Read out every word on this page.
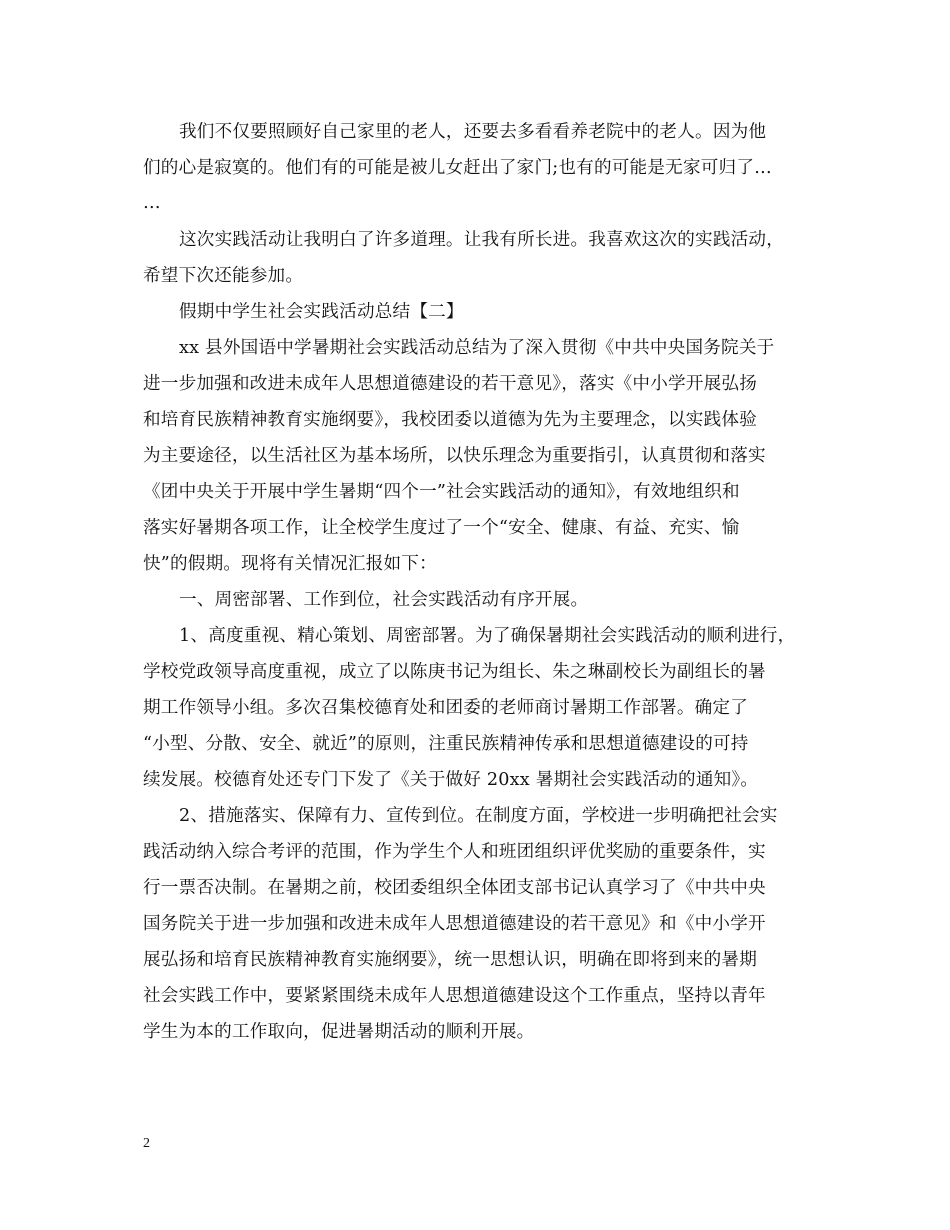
我们不仅要照顾好自己家里的老人，还要去多看看养老院中的老人。因为他
们的心是寂寞的。他们有的可能是被儿女赶出了家门;也有的可能是无家可归了…
…
这次实践活动让我明白了许多道理。让我有所长进。我喜欢这次的实践活动，
希望下次还能参加。
假期中学生社会实践活动总结【二】
xx 县外国语中学暑期社会实践活动总结为了深入贯彻《中共中央国务院关于
进一步加强和改进未成年人思想道德建设的若干意见》，落实《中小学开展弘扬
和培育民族精神教育实施纲要》，我校团委以道德为先为主要理念，以实践体验
为主要途径，以生活社区为基本场所，以快乐理念为重要指引，认真贯彻和落实
《团中央关于开展中学生暑期“四个一”社会实践活动的通知》，有效地组织和
落实好暑期各项工作，让全校学生度过了一个“安全、健康、有益、充实、愉
快”的假期。现将有关情况汇报如下：
一、周密部署、工作到位，社会实践活动有序开展。
1、高度重视、精心策划、周密部署。为了确保暑期社会实践活动的顺利进行，
学校党政领导高度重视，成立了以陈庚书记为组长、朱之琳副校长为副组长的暑
期工作领导小组。多次召集校德育处和团委的老师商讨暑期工作部署。确定了
“小型、分散、安全、就近”的原则，注重民族精神传承和思想道德建设的可持
续发展。校德育处还专门下发了《关于做好 20xx 暑期社会实践活动的通知》。
2、措施落实、保障有力、宣传到位。在制度方面，学校进一步明确把社会实
践活动纳入综合考评的范围，作为学生个人和班团组织评优奖励的重要条件，实
行一票否决制。在暑期之前，校团委组织全体团支部书记认真学习了《中共中央
国务院关于进一步加强和改进未成年人思想道德建设的若干意见》和《中小学开
展弘扬和培育民族精神教育实施纲要》，统一思想认识，明确在即将到来的暑期
社会实践工作中，要紧紧围绕未成年人思想道德建设这个工作重点，坚持以青年
学生为本的工作取向，促进暑期活动的顺利开展。
2
